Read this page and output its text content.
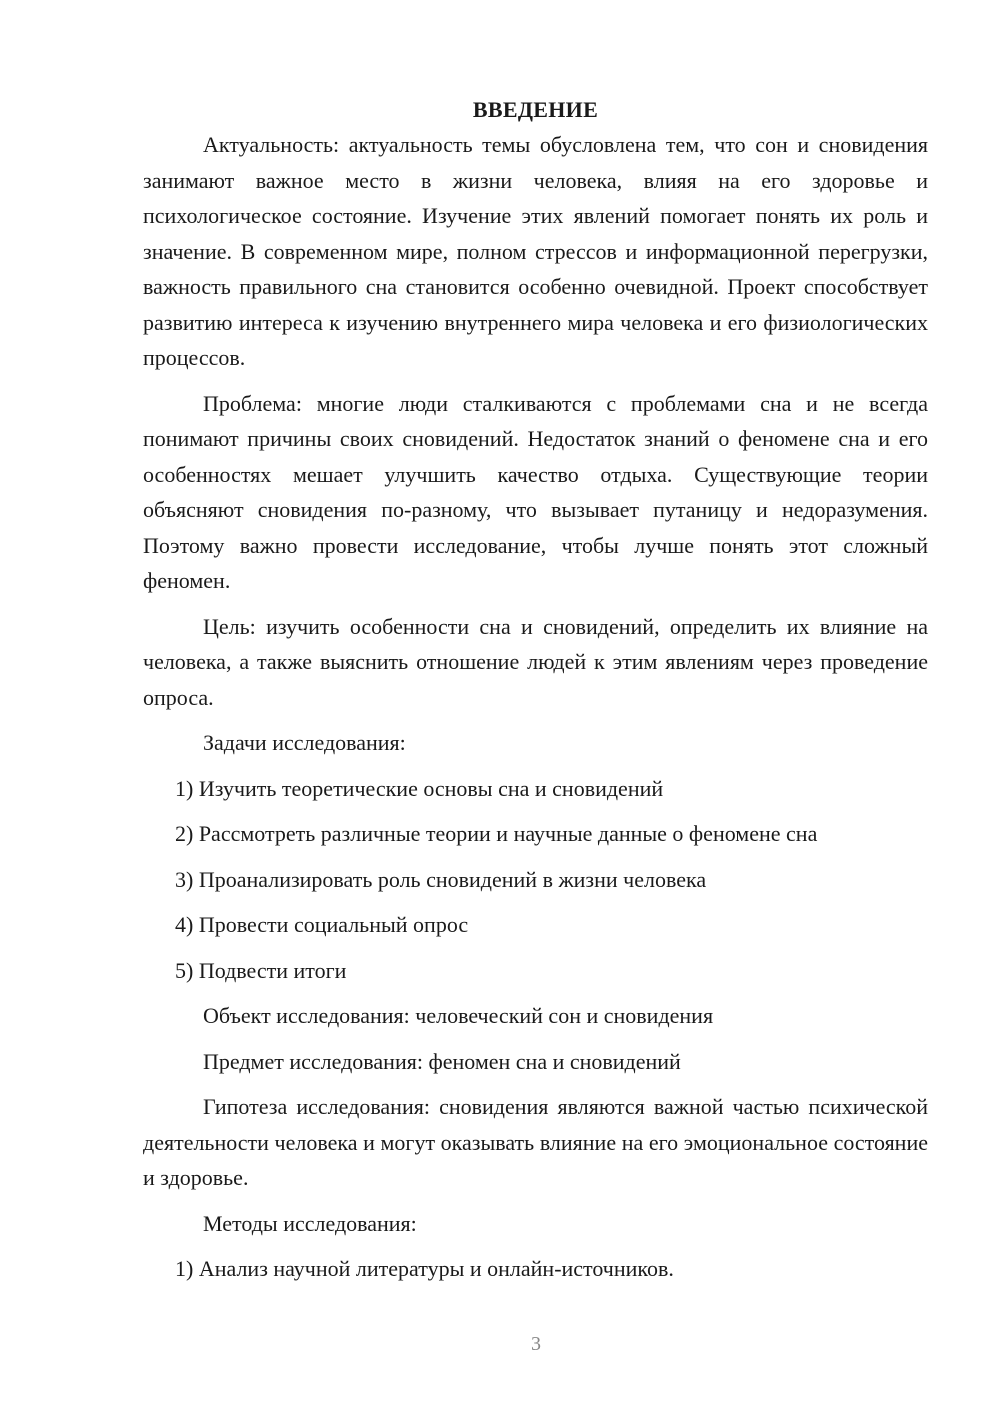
ВВЕДЕНИЕ

Актуальность: актуальность темы обусловлена тем, что сон и сновидения занимают важное место в жизни человека, влияя на его здоровье и психологическое состояние. Изучение этих явлений помогает понять их роль и значение. В современном мире, полном стрессов и информационной перегрузки, важность правильного сна становится особенно очевидной. Проект способствует развитию интереса к изучению внутреннего мира человека и его физиологических процессов.

Проблема: многие люди сталкиваются с проблемами сна и не всегда понимают причины своих сновидений. Недостаток знаний о феномене сна и его особенностях мешает улучшить качество отдыха. Существующие теории объясняют сновидения по-разному, что вызывает путаницу и недоразумения. Поэтому важно провести исследование, чтобы лучше понять этот сложный феномен.

Цель: изучить особенности сна и сновидений, определить их влияние на человека, а также выяснить отношение людей к этим явлениям через проведение опроса.

Задачи исследования:
1) Изучить теоретические основы сна и сновидений
2) Рассмотреть различные теории и научные данные о феномене сна
3) Проанализировать роль сновидений в жизни человека
4) Провести социальный опрос
5) Подвести итоги
Объект исследования: человеческий сон и сновидения
Предмет исследования: феномен сна и сновидений

Гипотеза исследования: сновидения являются важной частью психической деятельности человека и могут оказывать влияние на его эмоциональное состояние и здоровье.

Методы исследования:
1) Анализ научной литературы и онлайн-источников.
3
